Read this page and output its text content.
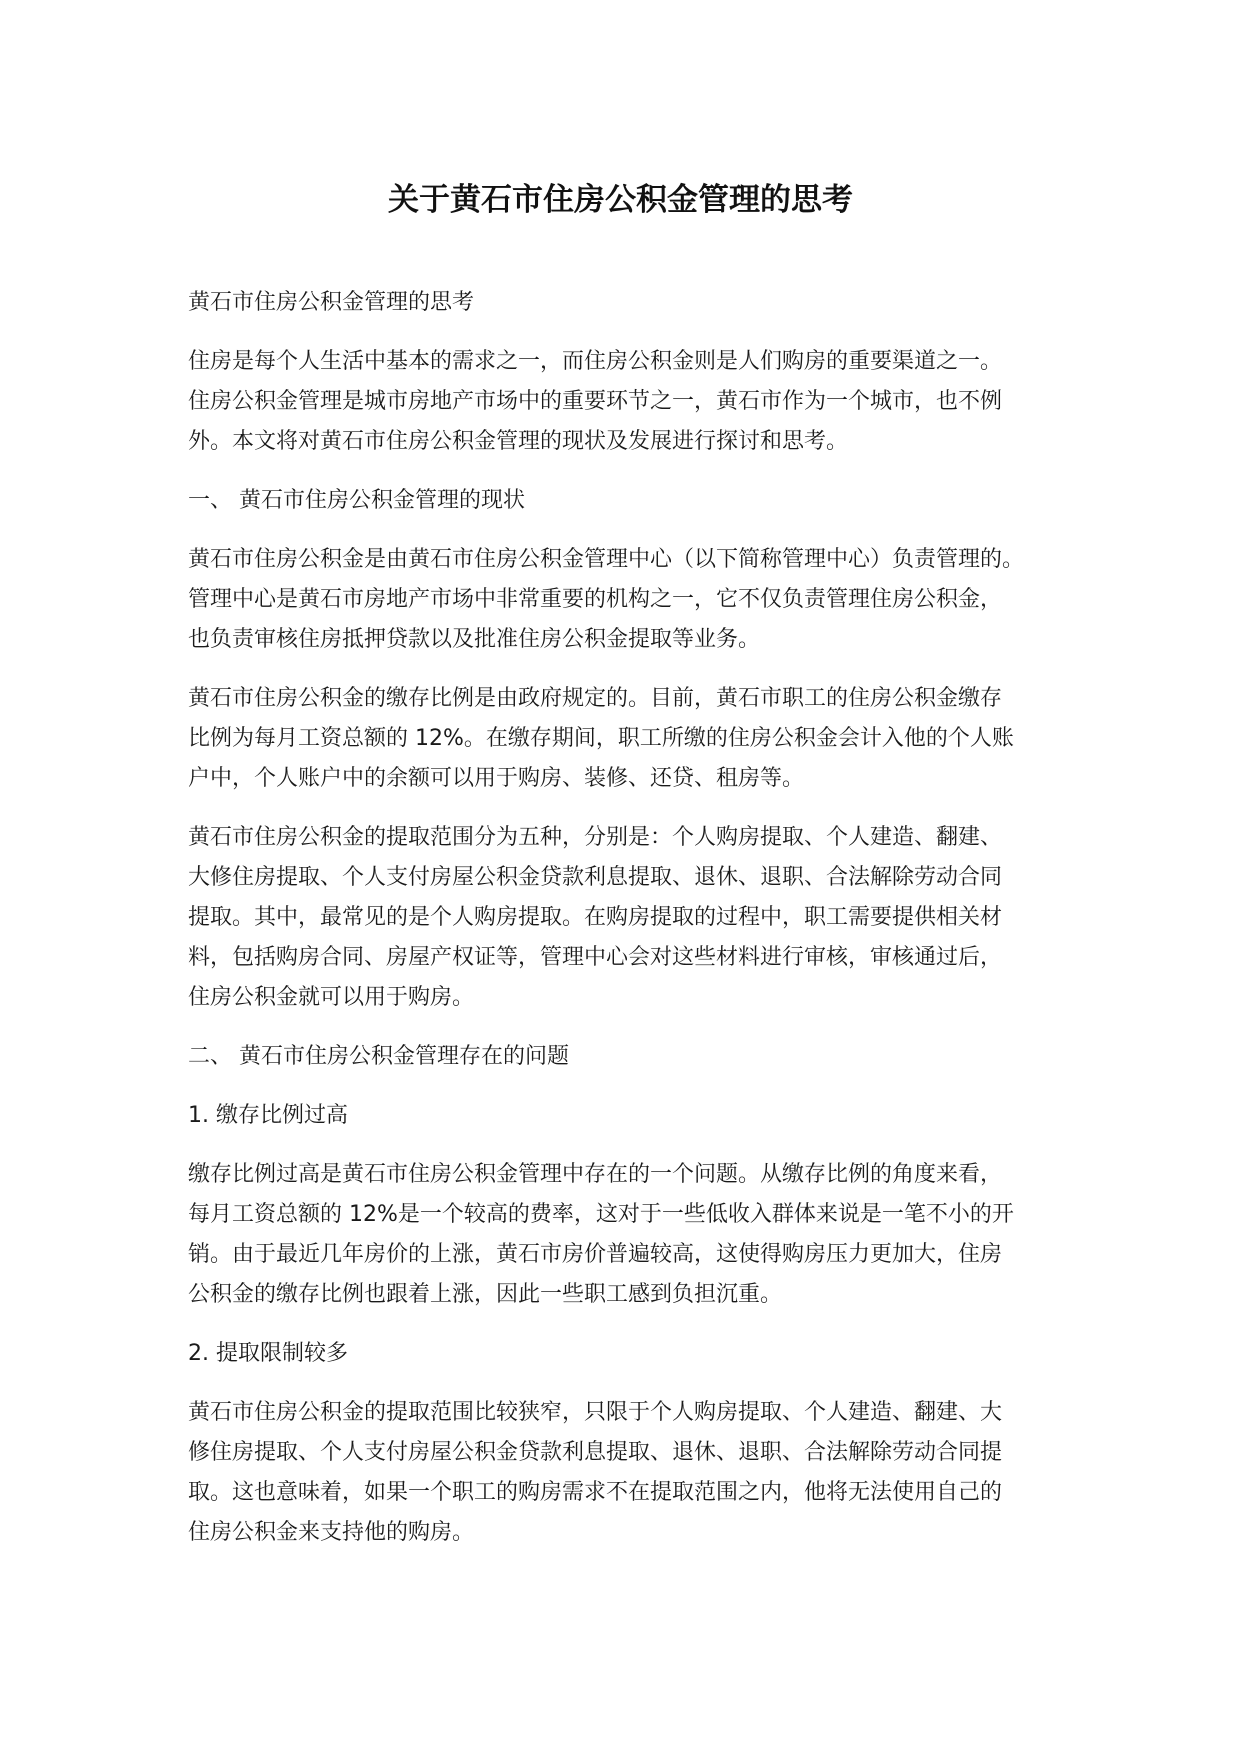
关于黄石市住房公积金管理的思考

黄石市住房公积金管理的思考

住房是每个人生活中基本的需求之一，而住房公积金则是人们购房的重要渠道之一。
住房公积金管理是城市房地产市场中的重要环节之一，黄石市作为一个城市，也不例
外。本文将对黄石市住房公积金管理的现状及发展进行探讨和思考。

一、 黄石市住房公积金管理的现状

黄石市住房公积金是由黄石市住房公积金管理中心（以下简称管理中心）负责管理的。
管理中心是黄石市房地产市场中非常重要的机构之一，它不仅负责管理住房公积金，
也负责审核住房抵押贷款以及批准住房公积金提取等业务。

黄石市住房公积金的缴存比例是由政府规定的。目前，黄石市职工的住房公积金缴存
比例为每月工资总额的 12%。在缴存期间，职工所缴的住房公积金会计入他的个人账
户中，个人账户中的余额可以用于购房、装修、还贷、租房等。

黄石市住房公积金的提取范围分为五种，分别是：个人购房提取、个人建造、翻建、
大修住房提取、个人支付房屋公积金贷款利息提取、退休、退职、合法解除劳动合同
提取。其中，最常见的是个人购房提取。在购房提取的过程中，职工需要提供相关材
料，包括购房合同、房屋产权证等，管理中心会对这些材料进行审核，审核通过后，
住房公积金就可以用于购房。

二、 黄石市住房公积金管理存在的问题

1. 缴存比例过高

缴存比例过高是黄石市住房公积金管理中存在的一个问题。从缴存比例的角度来看，
每月工资总额的 12%是一个较高的费率，这对于一些低收入群体来说是一笔不小的开
销。由于最近几年房价的上涨，黄石市房价普遍较高，这使得购房压力更加大，住房
公积金的缴存比例也跟着上涨，因此一些职工感到负担沉重。

2. 提取限制较多

黄石市住房公积金的提取范围比较狭窄，只限于个人购房提取、个人建造、翻建、大
修住房提取、个人支付房屋公积金贷款利息提取、退休、退职、合法解除劳动合同提
取。这也意味着，如果一个职工的购房需求不在提取范围之内，他将无法使用自己的
住房公积金来支持他的购房。
